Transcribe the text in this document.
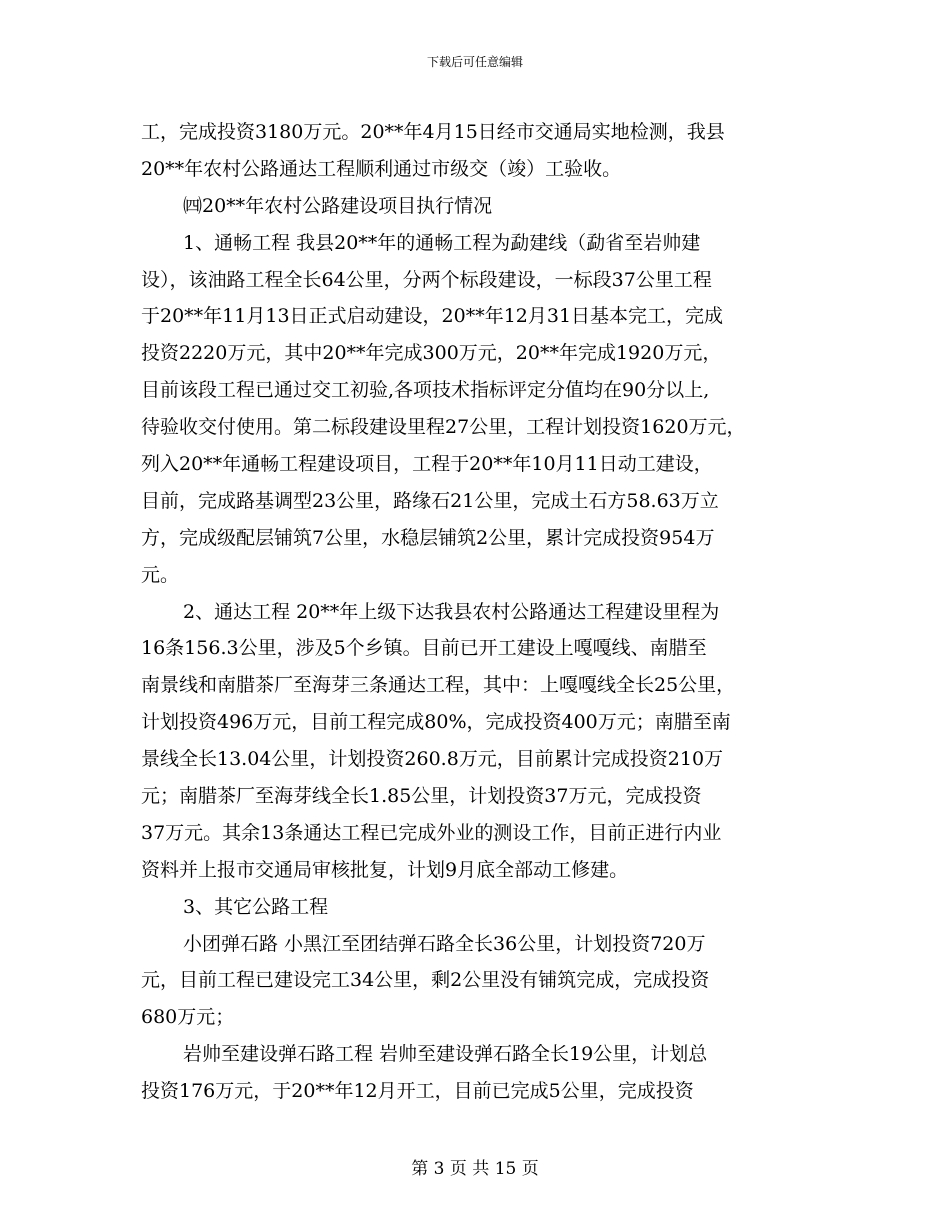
下载后可任意编辑
工，完成投资3180万元。20**年4月15日经市交通局实地检测，我县
20**年农村公路通达工程顺利通过市级交（竣）工验收。
㈣20**年农村公路建设项目执行情况
1、通畅工程 我县20**年的通畅工程为勐建线（勐省至岩帅建
设），该油路工程全长64公里，分两个标段建设，一标段37公里工程
于20**年11月13日正式启动建设，20**年12月31日基本完工，完成
投资2220万元，其中20**年完成300万元，20**年完成1920万元，
目前该段工程已通过交工初验,各项技术指标评定分值均在90分以上,
待验收交付使用。第二标段建设里程27公里，工程计划投资1620万元，
列入20**年通畅工程建设项目，工程于20**年10月11日动工建设，
目前，完成路基调型23公里，路缘石21公里，完成土石方58.63万立
方，完成级配层铺筑7公里，水稳层铺筑2公里，累计完成投资954万
元。
2、通达工程 20**年上级下达我县农村公路通达工程建设里程为
16条156.3公里，涉及5个乡镇。目前已开工建设上嘎嘎线、南腊至
南景线和南腊茶厂至海芽三条通达工程，其中：上嘎嘎线全长25公里，
计划投资496万元，目前工程完成80%，完成投资400万元；南腊至南
景线全长13.04公里，计划投资260.8万元，目前累计完成投资210万
元；南腊茶厂至海芽线全长1.85公里，计划投资37万元，完成投资
37万元。其余13条通达工程已完成外业的测设工作，目前正进行内业
资料并上报市交通局审核批复，计划9月底全部动工修建。
3、其它公路工程
小团弹石路 小黑江至团结弹石路全长36公里，计划投资720万
元，目前工程已建设完工34公里，剩2公里没有铺筑完成，完成投资
680万元；
岩帅至建设弹石路工程 岩帅至建设弹石路全长19公里，计划总
投资176万元，于20**年12月开工，目前已完成5公里，完成投资
第 3 页 共 15 页
